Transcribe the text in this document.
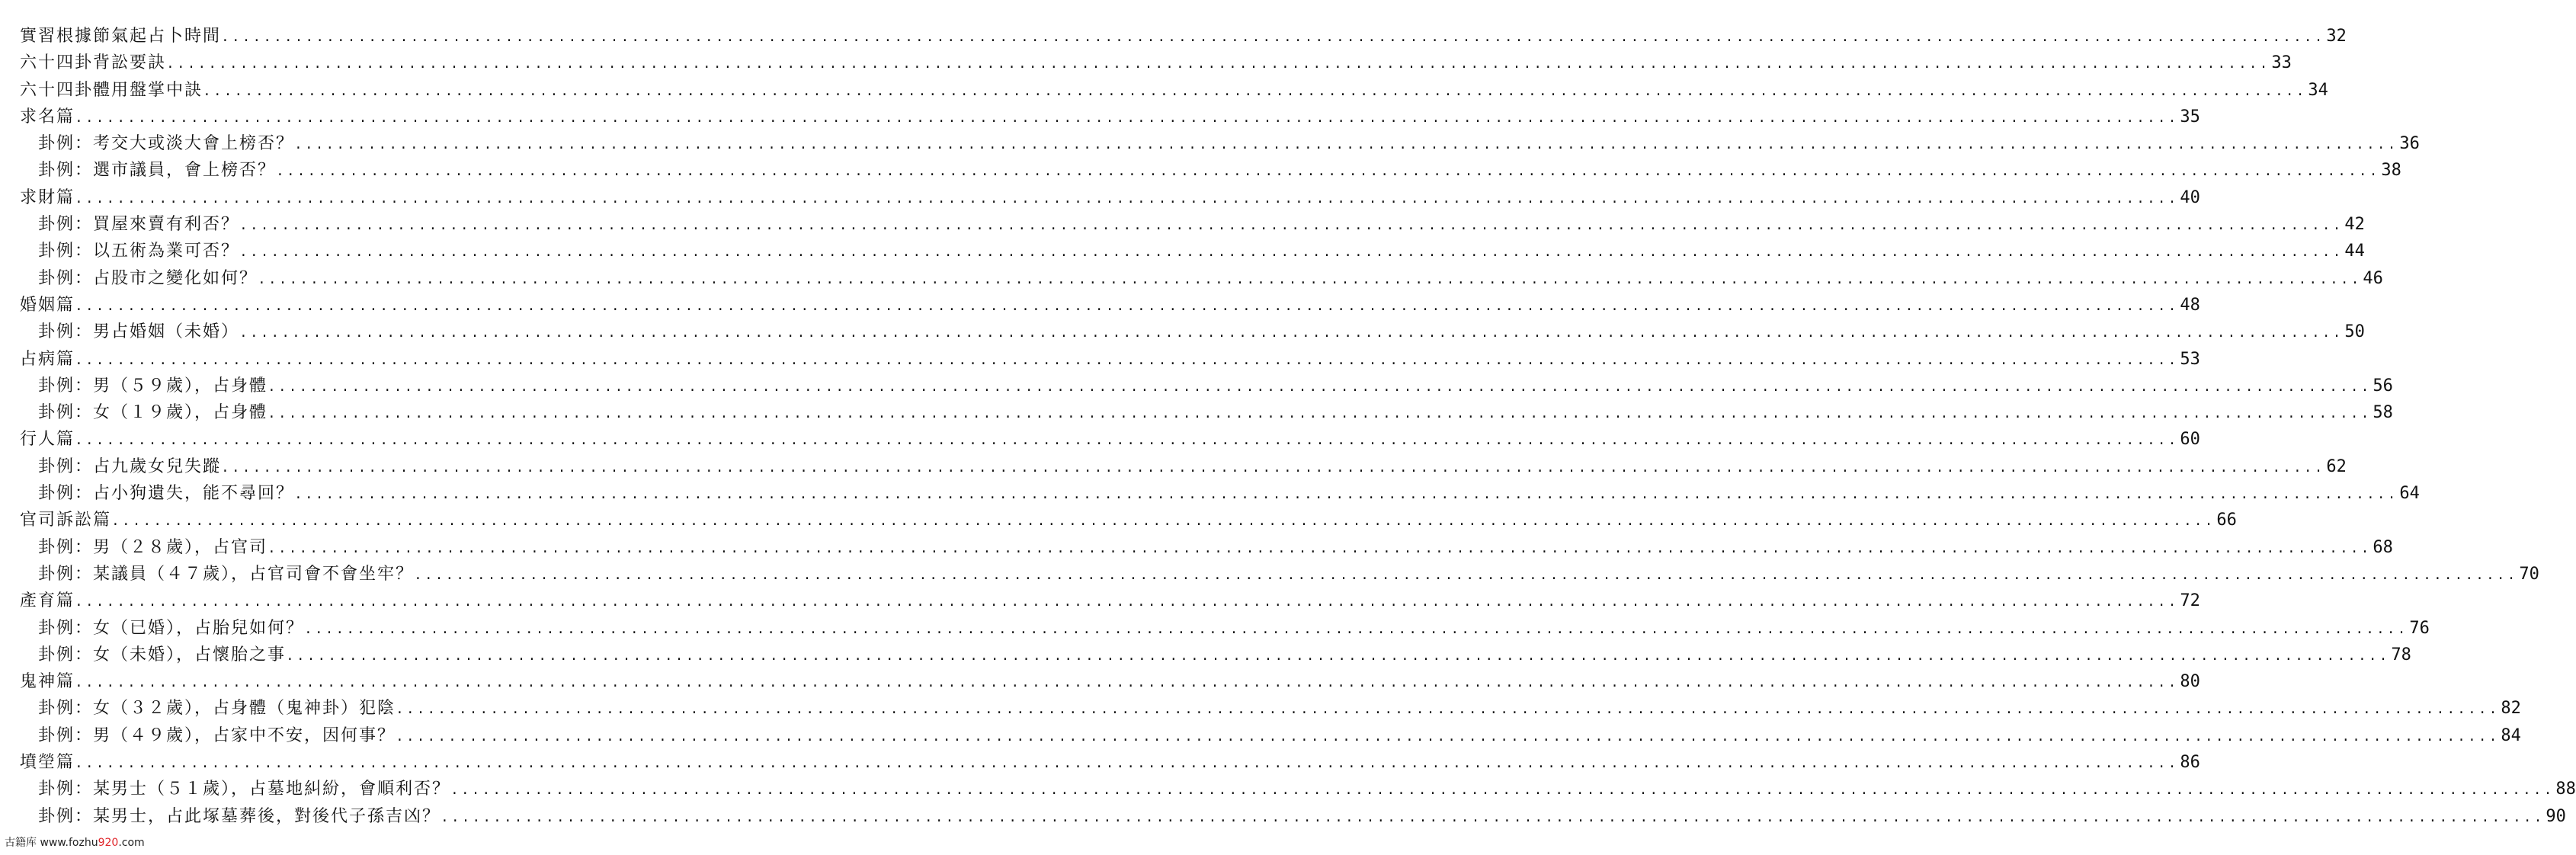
實習根據節氣起占卜時間 ........................................................................................................................................................................................................ 32
六十四卦背訟要訣 ........................................................................................................................................................................................................ 33
六十四卦體用盤掌中訣 ........................................................................................................................................................................................................ 34
求名篇 ........................................................................................................................................................................................................ 35
卦例：考交大或淡大會上榜否？ ........................................................................................................................................................................................................ 36
卦例：選市議員，會上榜否？ ........................................................................................................................................................................................................ 38
求財篇 ........................................................................................................................................................................................................ 40
卦例：買屋來賣有利否？ ........................................................................................................................................................................................................ 42
卦例：以五術為業可否？ ........................................................................................................................................................................................................ 44
卦例：占股市之變化如何？ ........................................................................................................................................................................................................ 46
婚姻篇 ........................................................................................................................................................................................................ 48
卦例：男占婚姻（未婚） ........................................................................................................................................................................................................ 50
占病篇 ........................................................................................................................................................................................................ 53
卦例：男（５９歲），占身體 ........................................................................................................................................................................................................ 56
卦例：女（１９歲），占身體 ........................................................................................................................................................................................................ 58
行人篇 ........................................................................................................................................................................................................ 60
卦例：占九歲女兒失蹤 ........................................................................................................................................................................................................ 62
卦例：占小狗遺失，能不尋回？ ........................................................................................................................................................................................................ 64
官司訴訟篇 ........................................................................................................................................................................................................ 66
卦例：男（２８歲），占官司 ........................................................................................................................................................................................................ 68
卦例：某議員（４７歲），占官司會不會坐牢？ ........................................................................................................................................................................................................ 70
產育篇 ........................................................................................................................................................................................................ 72
卦例：女（已婚），占胎兒如何？ ........................................................................................................................................................................................................ 76
卦例：女（未婚），占懷胎之事 ........................................................................................................................................................................................................ 78
鬼神篇 ........................................................................................................................................................................................................ 80
卦例：女（３２歲），占身體（鬼神卦）犯陰 ........................................................................................................................................................................................................ 82
卦例：男（４９歲），占家中不安，因何事？ ........................................................................................................................................................................................................ 84
墳塋篇 ........................................................................................................................................................................................................ 86
卦例：某男士（５１歲），占墓地糾紛，會順利否？ ........................................................................................................................................................................................................ 88
卦例：某男士，占此塚墓葬後，對後代子孫吉凶？ ........................................................................................................................................................................................................ 90
古籍库 www.fozhu920.com
